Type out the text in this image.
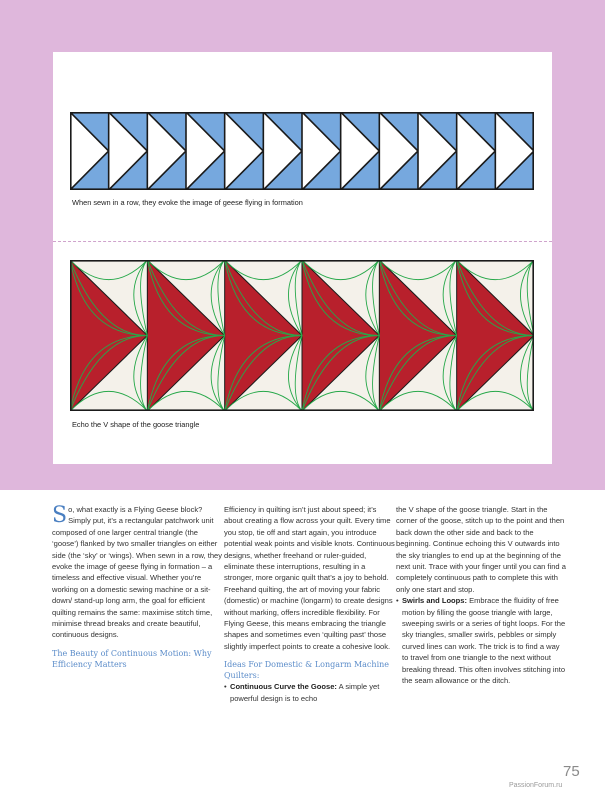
When sewn in a row, they evoke the image of geese flying in formation
Echo the V shape of the goose triangle

So, what exactly is a Flying Geese block? Simply put, it’s a rectangular patchwork unit composed of one larger central triangle (the ‘goose’) flanked by two smaller triangles on either side (the ‘sky’ or ‘wings). When sewn in a row, they evoke the image of geese flying in formation – a timeless and effective visual. Whether you’re working on a domestic sewing machine or a sit-down/ stand-up long arm, the goal for efficient quilting remains the same: maximise stitch time, minimise thread breaks and create beautiful, continuous designs.

The Beauty of Continuous Motion: Why Efficiency Matters

Efficiency in quilting isn’t just about speed; it’s about creating a flow across your quilt. Every time you stop, tie off and start again, you introduce potential weak points and visible knots. Continuous designs, whether freehand or ruler-guided, eliminate these interruptions, resulting in a stronger, more organic quilt that’s a joy to behold. Freehand quilting, the art of moving your fabric (domestic) or machine (longarm) to create designs without marking, offers incredible flexibility. For Flying Geese, this means embracing the triangle shapes and sometimes even ‘quilting past’ those slightly imperfect points to create a cohesive look.

Ideas For Domestic & Longarm Machine Quilters:

• Continuous Curve the Goose: A simple yet powerful design is to echo

the V shape of the goose triangle. Start in the corner of the goose, stitch up to the point and then back down the other side and back to the beginning. Continue echoing this V outwards into the sky triangles to end up at the beginning of the next unit. Trace with your finger until you can find a completely continuous path to complete this with only one start and stop.

• Swirls and Loops: Embrace the fluidity of free motion by filling the goose triangle with large, sweeping swirls or a series of tight loops. For the sky triangles, smaller swirls, pebbles or simply curved lines can work. The trick is to find a way to travel from one triangle to the next without breaking thread. This often involves stitching into the seam allowance or the ditch.

75
PassionForum.ru
